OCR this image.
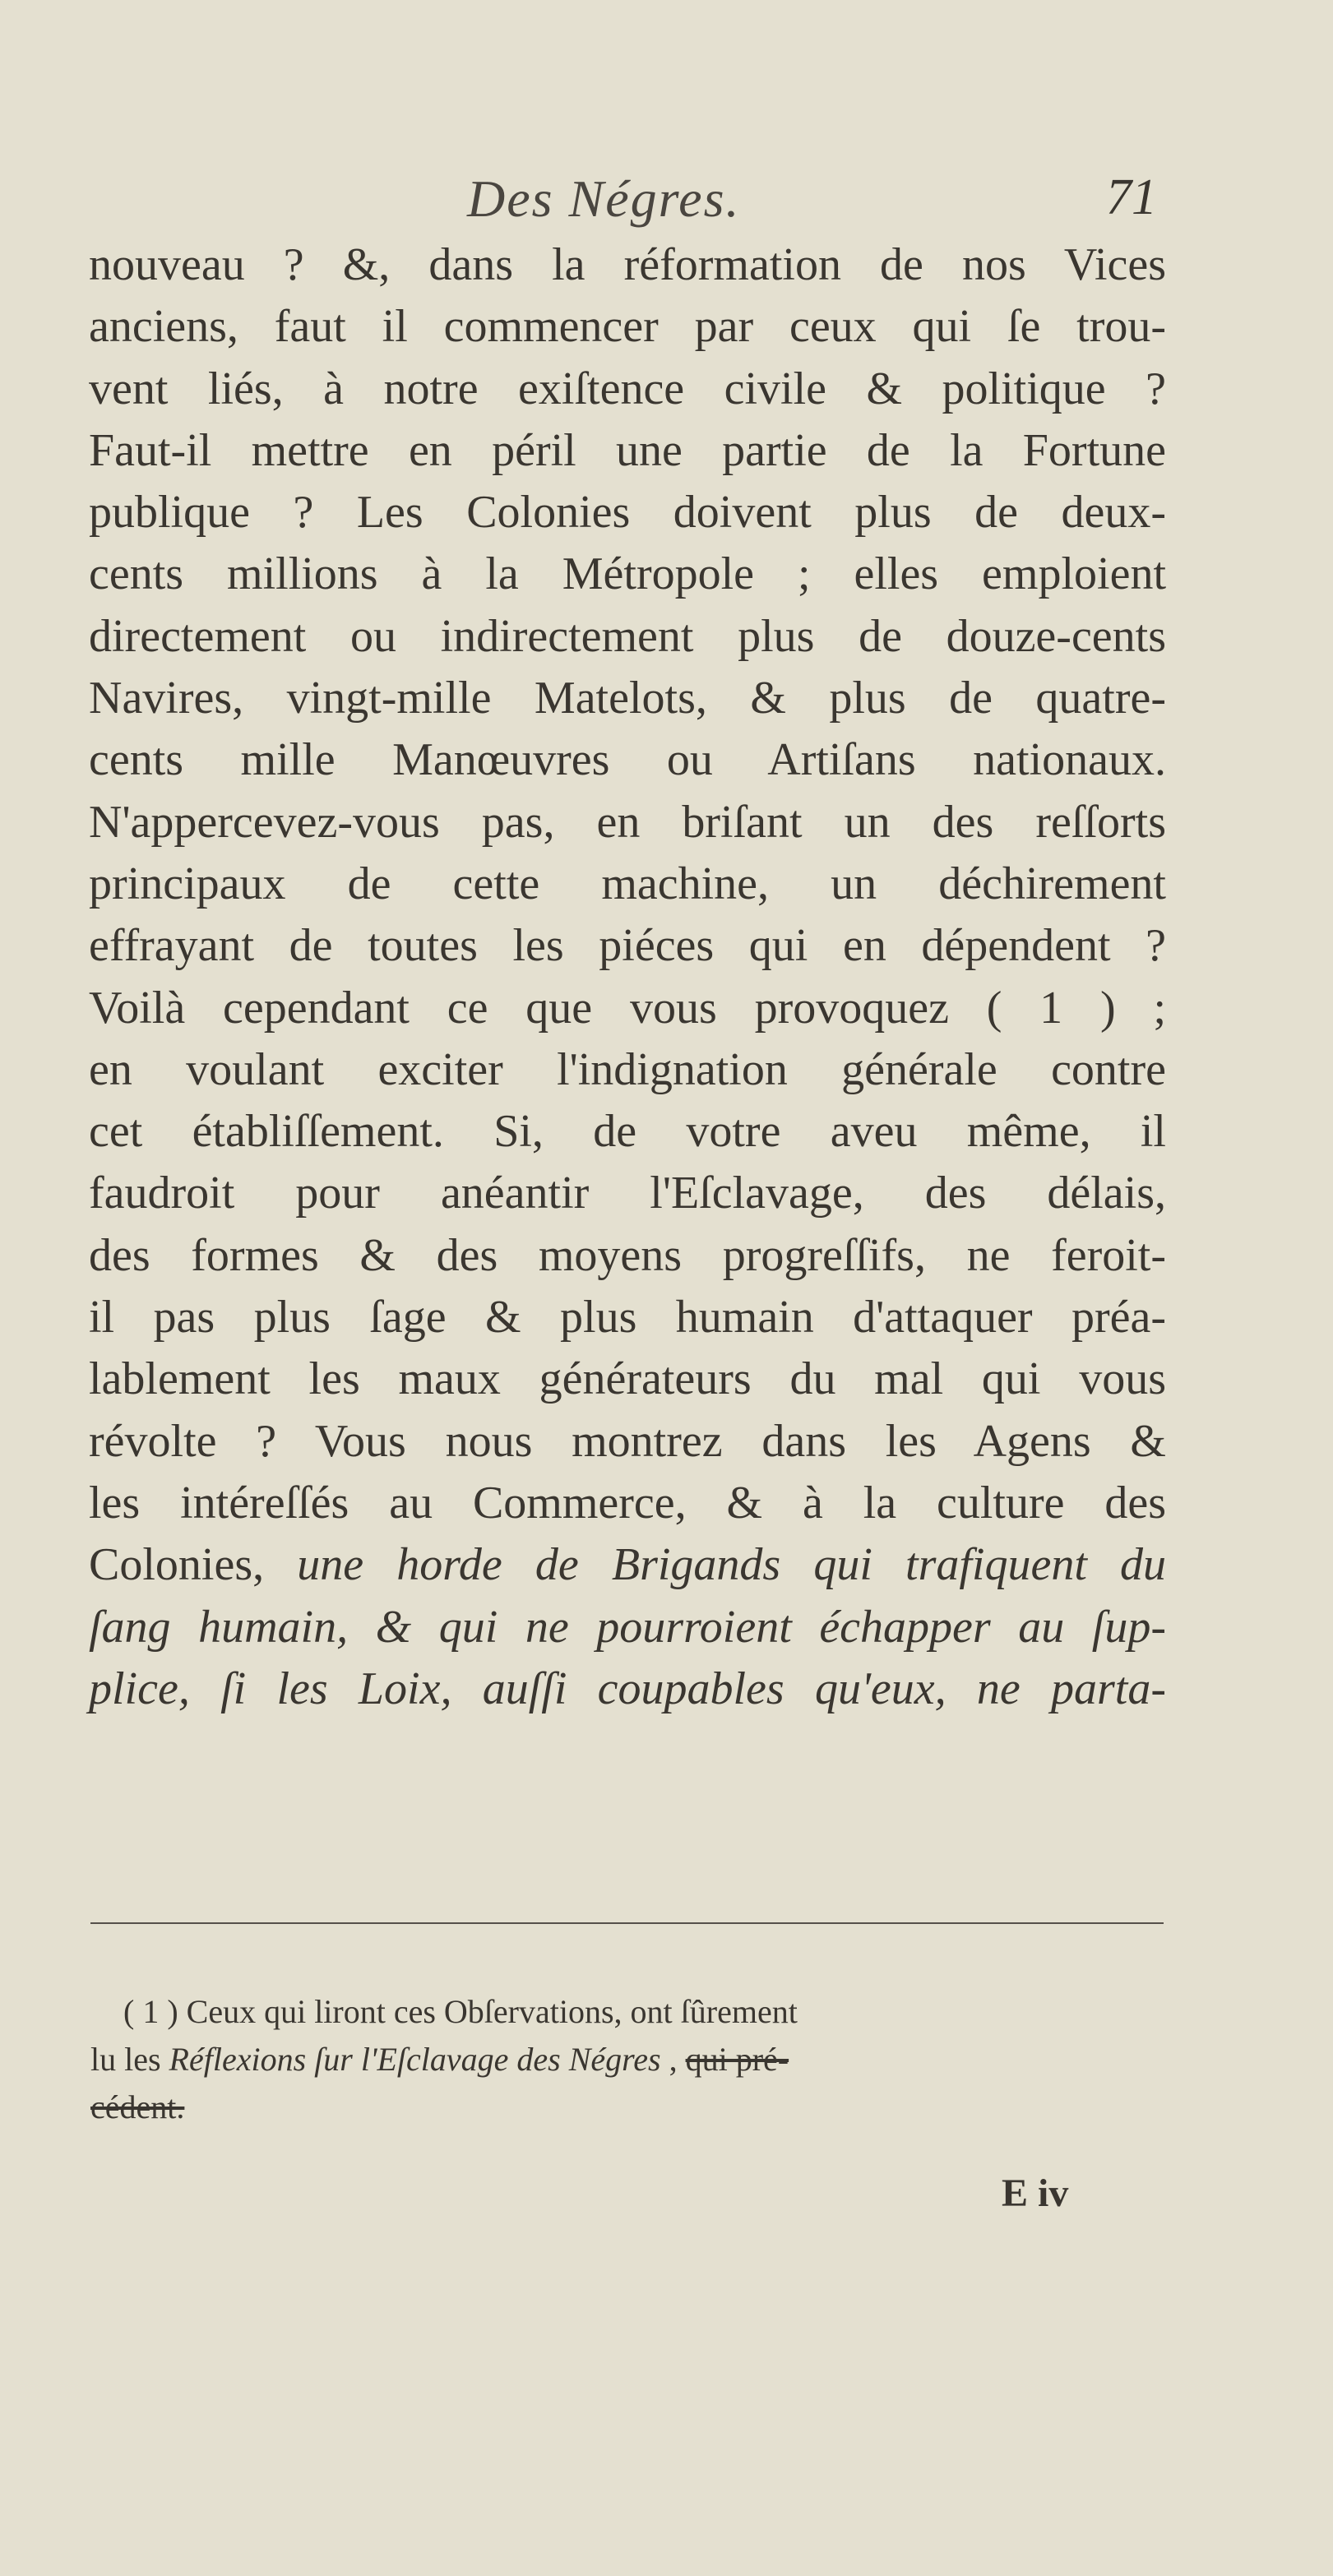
Des Négres.	71
nouveau ? &, dans la réformation de nos Vices
anciens, faut il commencer par ceux qui ſe trou-
vent liés, à notre exiſtence civile & politique ?
Faut-il mettre en péril une partie de la Fortune
publique ? Les Colonies doivent plus de deux-
cents millions à la Métropole ; elles emploient
directement ou indirectement plus de douze-cents
Navires, vingt-mille Matelots, & plus de quatre-
cents mille Manœuvres ou Artiſans nationaux.
N'appercevez-vous pas, en briſant un des reſſorts
principaux de cette machine, un déchirement
effrayant de toutes les piéces qui en dépendent ?
Voilà cependant ce que vous provoquez ( 1 ) ;
en voulant exciter l'indignation générale contre
cet établiſſement. Si, de votre aveu même, il
faudroit pour anéantir l'Eſclavage, des délais,
des formes & des moyens progreſſifs, ne feroit-
il pas plus ſage & plus humain d'attaquer préa-
lablement les maux générateurs du mal qui vous
révolte ? Vous nous montrez dans les Agens &
les intéreſſés au Commerce, & à la culture des
Colonies, une horde de Brigands qui trafiquent du
ſang humain, & qui ne pourroient échapper au ſup-
plice, ſi les Loix, auſſi coupables qu'eux, ne parta-
( 1 ) Ceux qui liront ces Obſervations, ont ſûrement
lu les Réflexions ſur l'Eſclavage des Négres , qui pré-
cédent.
E iv
